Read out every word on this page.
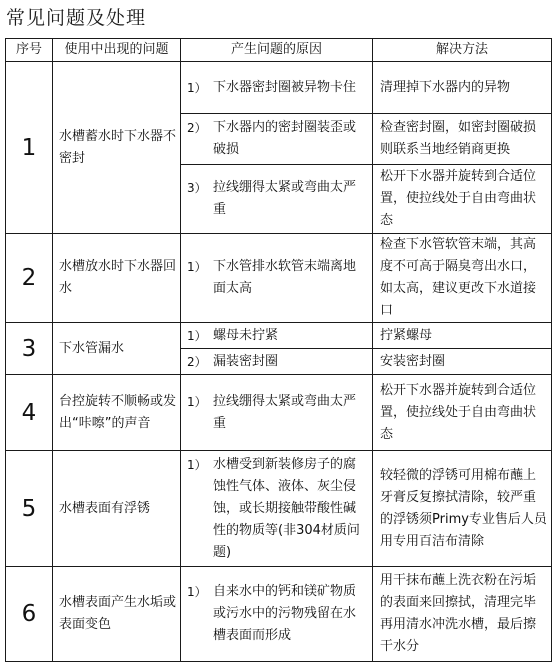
常见问题及处理
序号	使用中出现的问题	产生问题的原因	解决方法
1	水槽蓄水时下水器不密封	1） 下水器密封圈被异物卡住	清理掉下水器内的异物

		2） 下水器内的密封圈装歪或破损	检查密封圈，如密封圈破损则联系当地经销商更换

		3） 拉线绷得太紧或弯曲太严重	松开下水器并旋转到合适位置，使拉线处于自由弯曲状态
2	水槽放水时下水器回水	1） 下水管排水软管末端离地面太高	检查下水管软管末端，其高度不可高于隔臭弯出水口，如太高，建议更改下水道接口
3	下水管漏水	1） 螺母未拧紧	拧紧螺母

		2） 漏装密封圈	安装密封圈
4	台控旋转不顺畅或发出“咔嚓”的声音	1） 拉线绷得太紧或弯曲太严重	松开下水器并旋转到合适位置，使拉线处于自由弯曲状态
5	水槽表面有浮锈	1） 水槽受到新装修房子的腐蚀性气体、液体、灰尘侵蚀，或长期接触带酸性碱性的物质等(非304材质问题)	较轻微的浮锈可用棉布蘸上牙膏反复擦拭清除，较严重的浮锈须Primy专业售后人员用专用百洁布清除
6	水槽表面产生水垢或表面变色	1） 自来水中的钙和镁矿物质或污水中的污物残留在水槽表面而形成	用干抹布蘸上洗衣粉在污垢的表面来回擦拭，清理完毕再用清水冲洗水槽，最后擦干水分
